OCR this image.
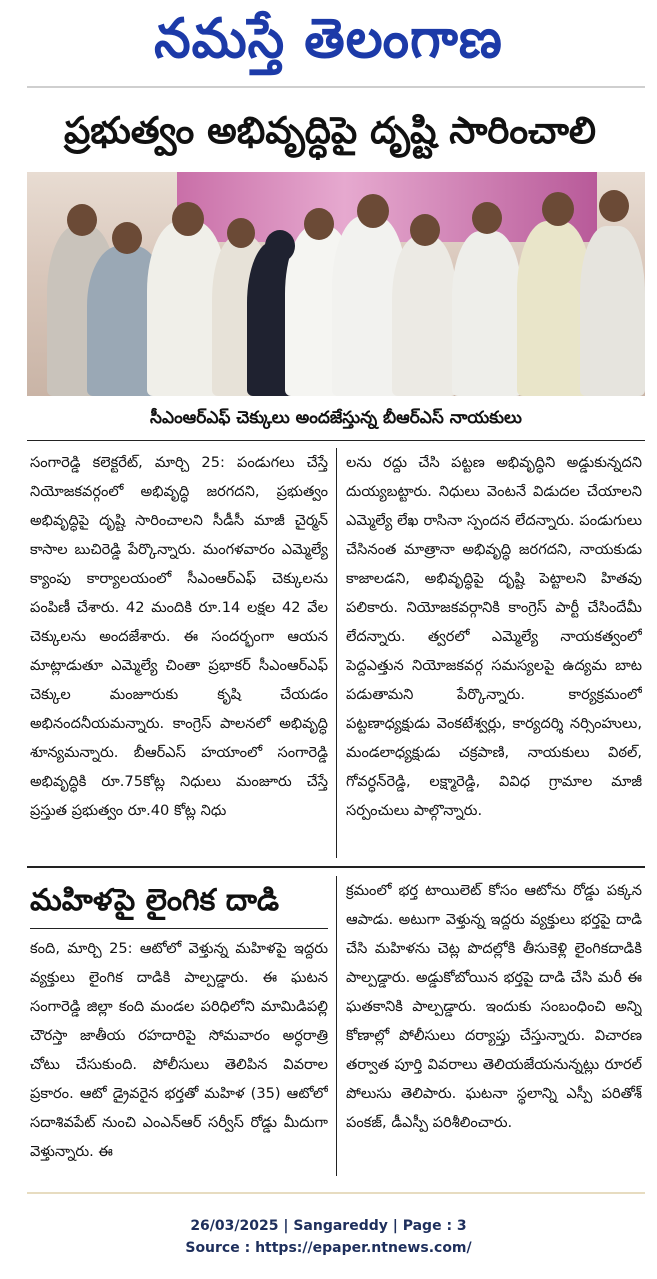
నమస్తే తెలంగాణ
ప్రభుత్వం అభివృద్ధిపై దృష్టి సారించాలి
సీఎంఆర్ఎఫ్ చెక్కులు అందజేస్తున్న బీఆర్ఎస్ నాయకులు
సంగారెడ్డి కలెక్టరేట్, మార్చి 25: పండుగలు చేస్తే నియోజకవర్గంలో అభివృద్ధి జరగదని, ప్రభుత్వం అభివృద్ధిపై దృష్టి సారించాలని సీడీసీ మాజీ చైర్మన్ కాసాల బుచిరెడ్డి పేర్కొన్నారు. మంగళవారం ఎమ్మెల్యే క్యాంపు కార్యాలయంలో సీఎంఆర్ఎఫ్ చెక్కులను పంపిణీ చేశారు. 42 మందికి రూ.14 లక్షల 42 వేల చెక్కులను అందజేశారు. ఈ సందర్భంగా ఆయన మాట్లాడుతూ ఎమ్మెల్యే చింతా ప్రభాకర్ సీఎంఆర్ఎఫ్ చెక్కుల మంజూరుకు కృషి చేయడం అభినందనీయమన్నారు. కాంగ్రెస్ పాలనలో అభివృద్ధి శూన్యమన్నారు. బీఆర్ఎస్ హయాంలో సంగారెడ్డి అభివృద్ధికి రూ.75కోట్ల నిధులు మంజూరు చేస్తే ప్రస్తుత ప్రభుత్వం రూ.40 కోట్ల నిధు
లను రద్దు చేసి పట్టణ అభివృద్ధిని అడ్డుకున్నదని దుయ్యబట్టారు. నిధులు వెంటనే విడుదల చేయాలని ఎమ్మెల్యే లేఖ రాసినా స్పందన లేదన్నారు. పండుగులు చేసినంత మాత్రానా అభివృద్ధి జరగదని, నాయకుడు కాజాలడని, అభివృద్ధిపై దృష్టి పెట్టాలని హితవు పలికారు. నియోజకవర్గానికి కాంగ్రెస్ పార్టీ చేసిందేమీ లేదన్నారు. త్వరలో ఎమ్మెల్యే నాయకత్వంలో పెద్దఎత్తున నియోజకవర్గ సమస్యలపై ఉద్యమ బాట పడుతామని పేర్కొన్నారు. కార్యక్రమంలో పట్టణాధ్యక్షుడు వెంకటేశ్వర్లు, కార్యదర్శి నర్సింహులు, మండలాధ్యక్షుడు చక్రపాణి, నాయకులు విఠల్, గోవర్ధన్‌రెడ్డి, లక్ష్మారెడ్డి, వివిధ గ్రామాల మాజీ సర్పంచులు పాల్గొన్నారు.
మహిళపై లైంగిక దాడి
కంది, మార్చి 25: ఆటోలో వెళ్తున్న మహిళపై ఇద్దరు వ్యక్తులు లైంగిక దాడికి పాల్పడ్డారు. ఈ ఘటన సంగారెడ్డి జిల్లా కంది మండల పరిధిలోని మామిడిపల్లి చౌరస్తా జాతీయ రహదారిపై సోమవారం అర్ధరాత్రి చోటు చేసుకుంది. పోలీసులు తెలిపిన వివరాల ప్రకారం. ఆటో డ్రైవరైన భర్తతో మహిళ (35) ఆటోలో సదాశివపేట్ నుంచి ఎంఎన్ఆర్ సర్వీస్ రోడ్డు మీదుగా వెళ్తున్నారు. ఈ
క్రమంలో భర్త టాయిలెట్ కోసం ఆటోను రోడ్డు పక్కన ఆపాడు. అటుగా వెళ్తున్న ఇద్దరు వ్యక్తులు భర్తపై దాడి చేసి మహిళను చెట్ల పొదల్లోకి తీసుకెళ్లి లైంగికదాడికి పాల్పడ్డారు. అడ్డుకోబోయిన భర్తపై దాడి చేసి మరీ ఈ ఘతకానికి పాల్పడ్డారు. ఇందుకు సంబంధించి అన్ని కోణాల్లో పోలీసులు దర్యాప్తు చేస్తున్నారు. విచారణ తర్వాత పూర్తి వివరాలు తెలియజేయనున్నట్లు రూరల్ పోలుసు తెలిపారు. ఘటనా స్థలాన్ని ఎస్పీ పరితోశ్ పంకజ్, డీఎస్పీ పరిశీలించారు.
26/03/2025 | Sangareddy | Page : 3
Source : https://epaper.ntnews.com/
